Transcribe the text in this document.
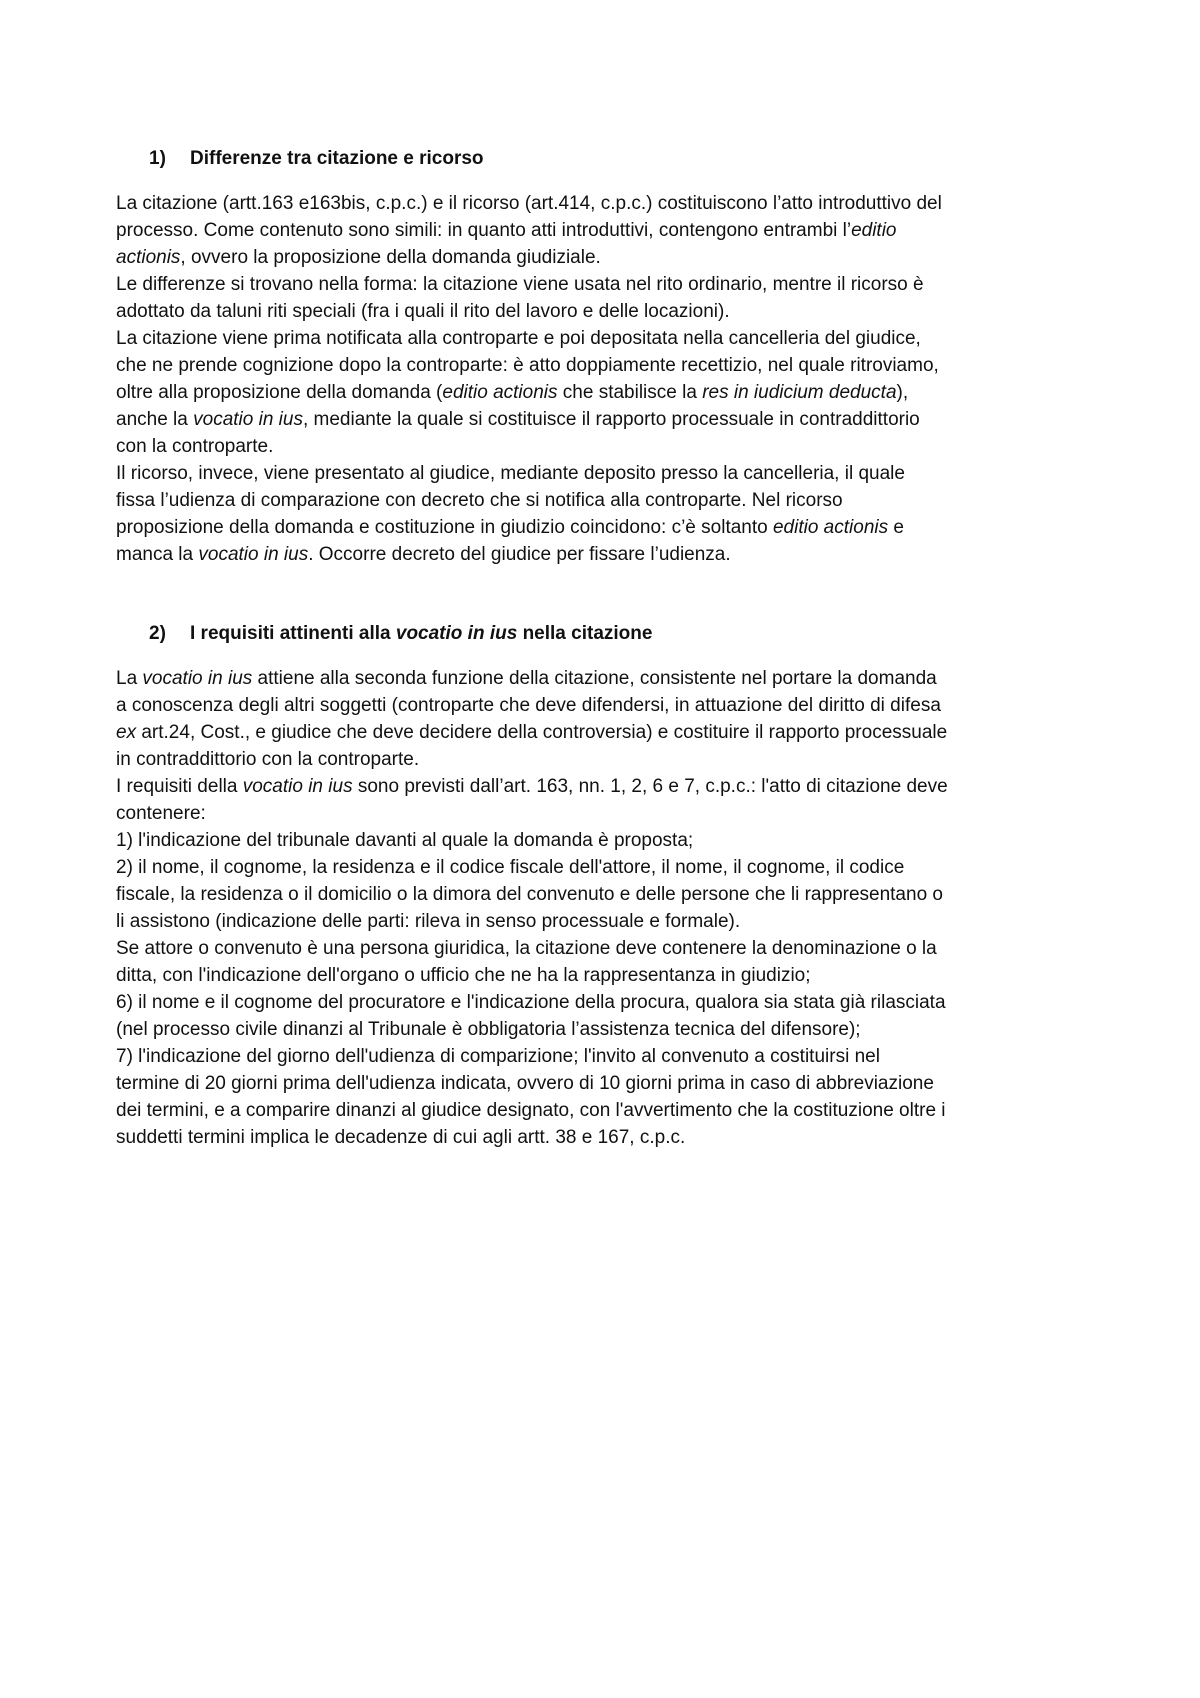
1)	Differenze tra citazione e ricorso
La citazione (artt.163 e163bis, c.p.c.) e il ricorso (art.414, c.p.c.) costituiscono l’atto introduttivo del
processo. Come contenuto sono simili: in quanto atti introduttivi, contengono entrambi l’editio
actionis, ovvero la proposizione della domanda giudiziale.
Le differenze si trovano nella forma: la citazione viene usata nel rito ordinario, mentre il ricorso è
adottato da taluni riti speciali (fra i quali il rito del lavoro e delle locazioni).
La citazione viene prima notificata alla controparte e poi depositata nella cancelleria del giudice,
che ne prende cognizione dopo la controparte: è atto doppiamente recettizio, nel quale ritroviamo,
oltre alla proposizione della domanda (editio actionis che stabilisce la res in iudicium deducta),
anche la vocatio in ius, mediante la quale si costituisce il rapporto processuale in contraddittorio
con la controparte.
Il ricorso, invece, viene presentato al giudice, mediante deposito presso la cancelleria, il quale
fissa l’udienza di comparazione con decreto che si notifica alla controparte. Nel ricorso
proposizione della domanda e costituzione in giudizio coincidono: c’è soltanto editio actionis e
manca la vocatio in ius. Occorre decreto del giudice per fissare l’udienza.
2)	I requisiti attinenti alla vocatio in ius nella citazione
La vocatio in ius attiene alla seconda funzione della citazione, consistente nel portare la domanda
a conoscenza degli altri soggetti (controparte che deve difendersi, in attuazione del diritto di difesa
ex art.24, Cost., e giudice che deve decidere della controversia) e costituire il rapporto processuale
in contraddittorio con la controparte.
I requisiti della vocatio in ius sono previsti dall’art. 163, nn. 1, 2, 6 e 7, c.p.c.: l'atto di citazione deve
contenere:
1) l'indicazione del tribunale davanti al quale la domanda è proposta;
2) il nome, il cognome, la residenza e il codice fiscale dell'attore, il nome, il cognome, il codice
fiscale, la residenza o il domicilio o la dimora del convenuto e delle persone che li rappresentano o
li assistono (indicazione delle parti: rileva in senso processuale e formale).
Se attore o convenuto è una persona giuridica, la citazione deve contenere la denominazione o la
ditta, con l'indicazione dell'organo o ufficio che ne ha la rappresentanza in giudizio;
6) il nome e il cognome del procuratore e l'indicazione della procura, qualora sia stata già rilasciata
(nel processo civile dinanzi al Tribunale è obbligatoria l’assistenza tecnica del difensore);
7) l'indicazione del giorno dell'udienza di comparizione; l'invito al convenuto a costituirsi nel
termine di 20 giorni prima dell'udienza indicata, ovvero di 10 giorni prima in caso di abbreviazione
dei termini, e a comparire dinanzi al giudice designato, con l'avvertimento che la costituzione oltre i
suddetti termini implica le decadenze di cui agli artt. 38 e 167, c.p.c.
